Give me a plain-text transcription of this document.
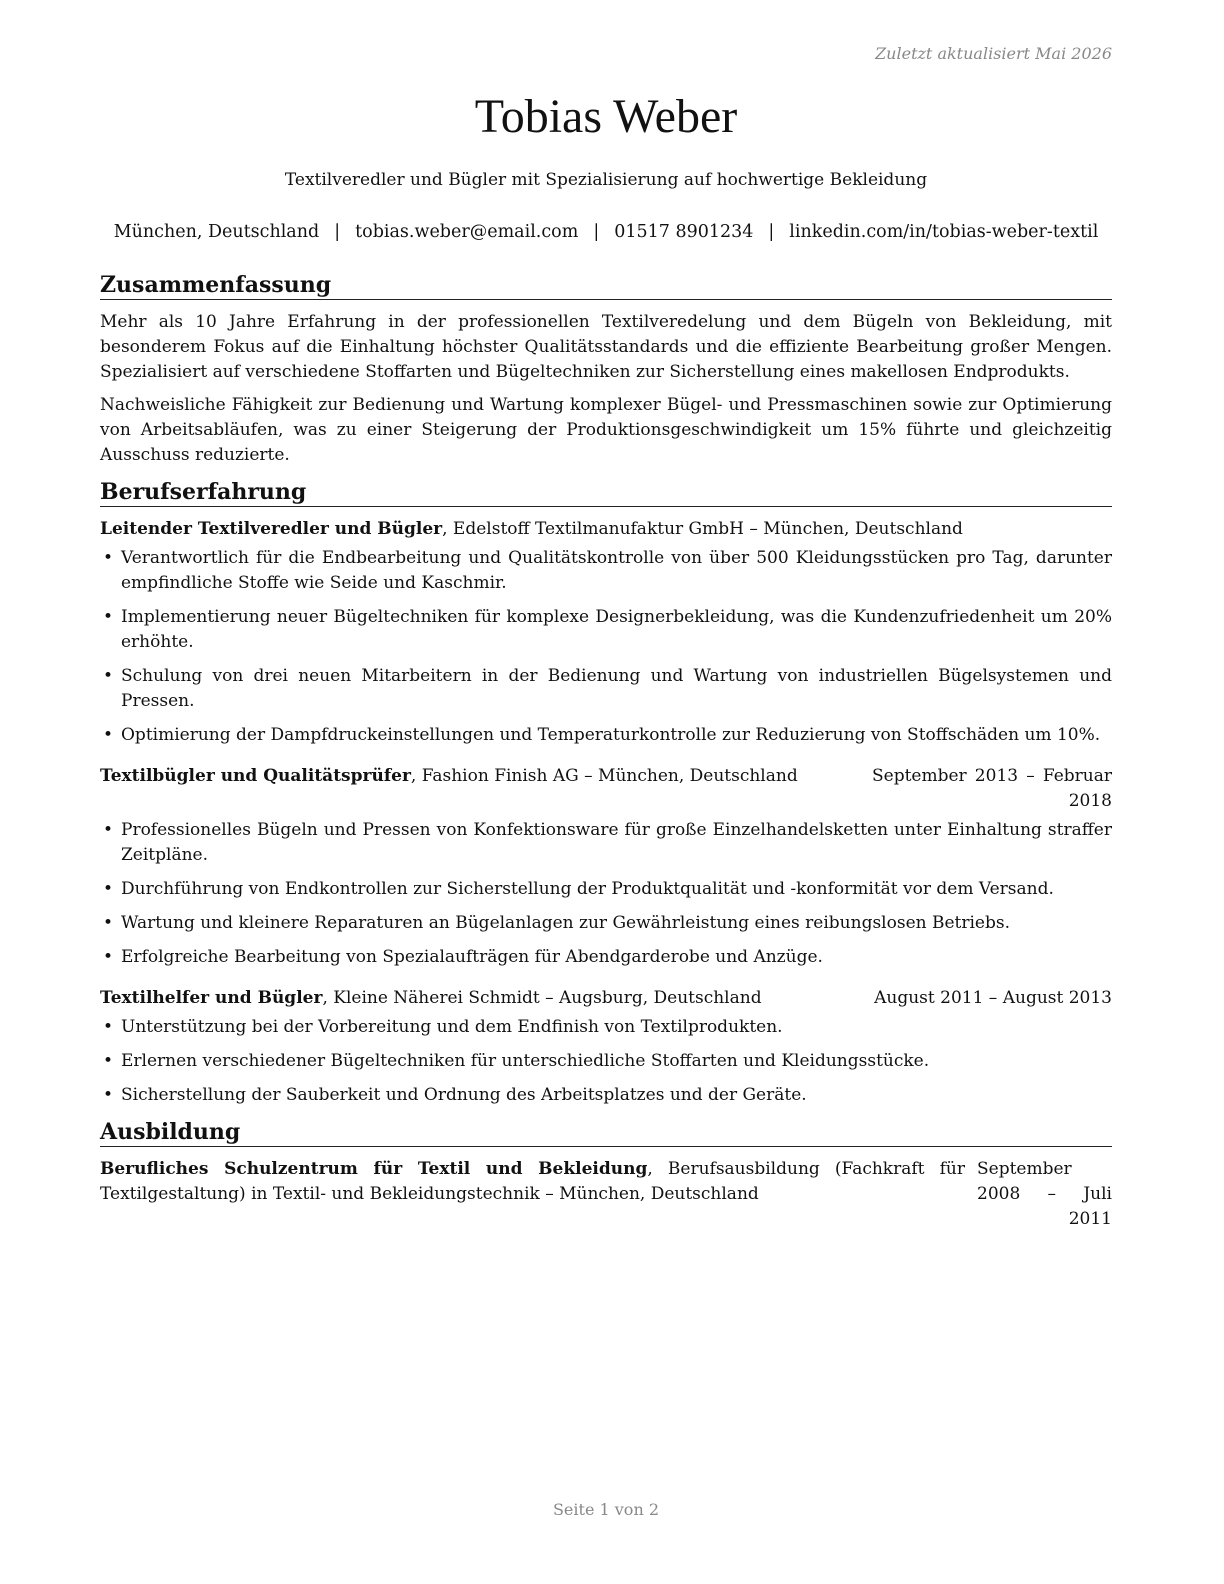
Zuletzt aktualisiert Mai 2026
Tobias Weber
Textilveredler und Bügler mit Spezialisierung auf hochwertige Bekleidung
München, Deutschland | tobias.weber@email.com | 01517 8901234 | linkedin.com/in/tobias-weber-textil
Zusammenfassung

Mehr als 10 Jahre Erfahrung in der professionellen Textilveredelung und dem Bügeln von Bekleidung, mit besonderem Fokus auf die Einhaltung höchster Qualitätsstandards und die effiziente Bearbeitung großer Mengen. Spezialisiert auf verschiedene Stoffarten und Bügeltechniken zur Sicherstellung eines makellosen Endprodukts.

Nachweisliche Fähigkeit zur Bedienung und Wartung komplexer Bügel- und Pressmaschinen sowie zur Optimierung von Arbeitsabläufen, was zu einer Steigerung der Produktionsgeschwindigkeit um 15% führte und gleichzeitig Ausschuss reduzierte.

Berufserfahrung
Leitender Textilveredler und Bügler, Edelstoff Textilmanufaktur GmbH – München, Deutschland
• Verantwortlich für die Endbearbeitung und Qualitätskontrolle von über 500 Kleidungsstücken pro Tag, darunter empfindliche Stoffe wie Seide und Kaschmir.
• Implementierung neuer Bügeltechniken für komplexe Designerbekleidung, was die Kundenzufriedenheit um 20% erhöhte.
• Schulung von drei neuen Mitarbeitern in der Bedienung und Wartung von industriellen Bügelsystemen und Pressen.
• Optimierung der Dampfdruckeinstellungen und Temperaturkontrolle zur Reduzierung von Stoffschäden um 10%.
Textilbügler und Qualitätsprüfer, Fashion Finish AG – München, Deutschland	September 2013 – Februar 2018
• Professionelles Bügeln und Pressen von Konfektionsware für große Einzelhandelsketten unter Einhaltung straffer Zeitpläne.
• Durchführung von Endkontrollen zur Sicherstellung der Produktqualität und -konformität vor dem Versand.
• Wartung und kleinere Reparaturen an Bügelanlagen zur Gewährleistung eines reibungslosen Betriebs.
• Erfolgreiche Bearbeitung von Spezialaufträgen für Abendgarderobe und Anzüge.
Textilhelfer und Bügler, Kleine Näherei Schmidt – Augsburg, Deutschland	August 2011 – August 2013
• Unterstützung bei der Vorbereitung und dem Endfinish von Textilprodukten.
• Erlernen verschiedener Bügeltechniken für unterschiedliche Stoffarten und Kleidungsstücke.
• Sicherstellung der Sauberkeit und Ordnung des Arbeitsplatzes und der Geräte.
Ausbildung
Berufliches Schulzentrum für Textil und Bekleidung, Berufsausbildung (Fachkraft für Textilgestaltung) in Textil- und Bekleidungstechnik – München, Deutschland
September 2008 – Juli 2011
Seite 1 von 2
